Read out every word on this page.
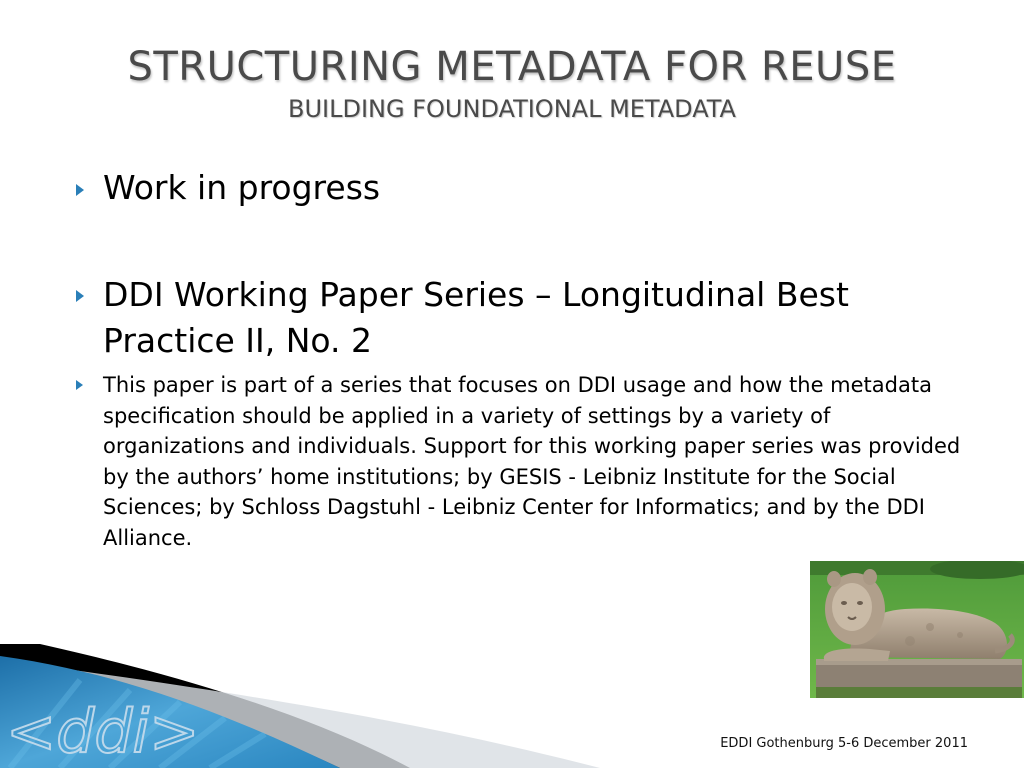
STRUCTURING METADATA FOR REUSE
BUILDING FOUNDATIONAL METADATA
Work in progress
DDI Working Paper Series – Longitudinal Best Practice II, No. 2
This paper is part of a series that focuses on DDI usage and how the metadata specification should be applied in a variety of settings by a variety of organizations and individuals. Support for this working paper series was provided by the authors’ home institutions; by GESIS - Leibniz Institute for the Social Sciences; by Schloss Dagstuhl - Leibniz Center for Informatics; and by the DDI Alliance.
<ddi>	EDDI Gothenburg 5-6 December 2011
